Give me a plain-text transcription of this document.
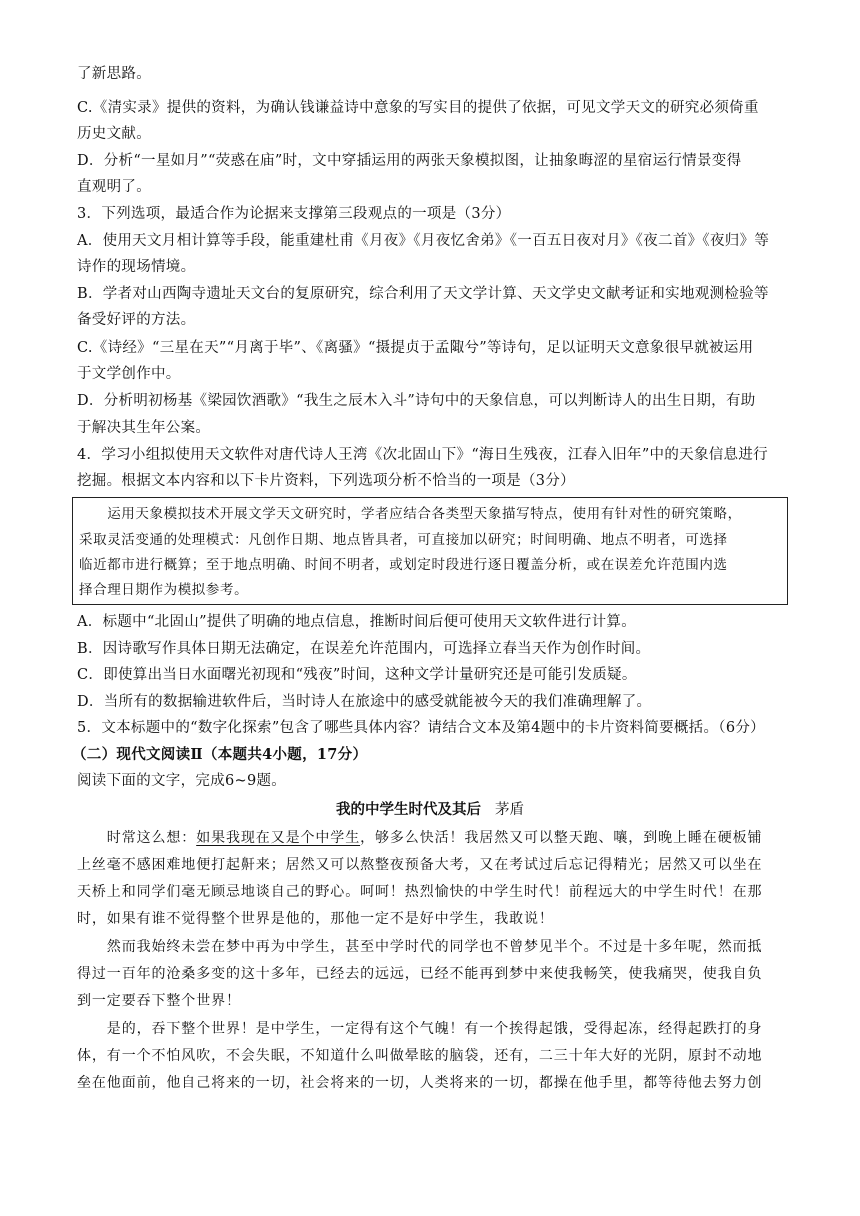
了新思路。
C.《清实录》提供的资料，为确认钱谦益诗中意象的写实目的提供了依据，可见文学天文的研究必须倚重
历史文献。
D．分析“一星如月”“荧惑在庙”时，文中穿插运用的两张天象模拟图，让抽象晦涩的星宿运行情景变得
直观明了。
3．下列选项，最适合作为论据来支撑第三段观点的一项是（3分）
A．使用天文月相计算等手段，能重建杜甫《月夜》《月夜忆舍弟》《一百五日夜对月》《夜二首》《夜归》等
诗作的现场情境。
B．学者对山西陶寺遗址天文台的复原研究，综合利用了天文学计算、天文学史文献考证和实地观测检验等
备受好评的方法。
C.《诗经》“三星在天”“月离于毕”、《离骚》“摄提贞于孟陬兮”等诗句，足以证明天文意象很早就被运用
于文学创作中。
D．分析明初杨基《梁园饮酒歌》“我生之辰木入斗”诗句中的天象信息，可以判断诗人的出生日期，有助
于解决其生年公案。
4．学习小组拟使用天文软件对唐代诗人王湾《次北固山下》“海日生残夜，江春入旧年”中的天象信息进行
挖掘。根据文本内容和以下卡片资料，下列选项分析不恰当的一项是（3分）
　　运用天象模拟技术开展文学天文研究时，学者应结合各类型天象描写特点，使用有针对性的研究策略，
采取灵活变通的处理模式：凡创作日期、地点皆具者，可直接加以研究；时间明确、地点不明者，可选择
临近都市进行概算；至于地点明确、时间不明者，或划定时段进行逐日覆盖分析，或在误差允许范围内选
择合理日期作为模拟参考。
A．标题中“北固山”提供了明确的地点信息，推断时间后便可使用天文软件进行计算。
B．因诗歌写作具体日期无法确定，在误差允许范围内，可选择立春当天作为创作时间。
C．即使算出当日水面曙光初现和“残夜”时间，这种文学计量研究还是可能引发质疑。
D．当所有的数据输进软件后，当时诗人在旅途中的感受就能被今天的我们准确理解了。
5．文本标题中的“数字化探索”包含了哪些具体内容？请结合文本及第4题中的卡片资料简要概括。（6分）
（二）现代文阅读Ⅱ（本题共4小题，17分）
阅读下面的文字，完成6~9题。
我的中学生时代及其后 茅盾
　　时常这么想：如果我现在又是个中学生，够多么快活！我居然又可以整天跑、嚷，到晚上睡在硬板铺
上丝毫不感困难地便打起鼾来；居然又可以熬整夜预备大考，又在考试过后忘记得精光；居然又可以坐在
天桥上和同学们毫无顾忌地谈自己的野心。呵呵！热烈愉快的中学生时代！前程远大的中学生时代！在那
时，如果有谁不觉得整个世界是他的，那他一定不是好中学生，我敢说！
　　然而我始终未尝在梦中再为中学生，甚至中学时代的同学也不曾梦见半个。不过是十多年呢，然而抵
得过一百年的沧桑多变的这十多年，已经去的远远，已经不能再到梦中来使我畅笑，使我痛哭，使我自负
到一定要吞下整个世界！
　　是的，吞下整个世界！是中学生，一定得有这个气魄！有一个挨得起饿，受得起冻，经得起跌打的身
体，有一个不怕风吹，不会失眠，不知道什么叫做晕眩的脑袋，还有，二三十年大好的光阴，原封不动地
垒在他面前，他自己将来的一切，社会将来的一切，人类将来的一切，都操在他手里，都等待他去努力创
